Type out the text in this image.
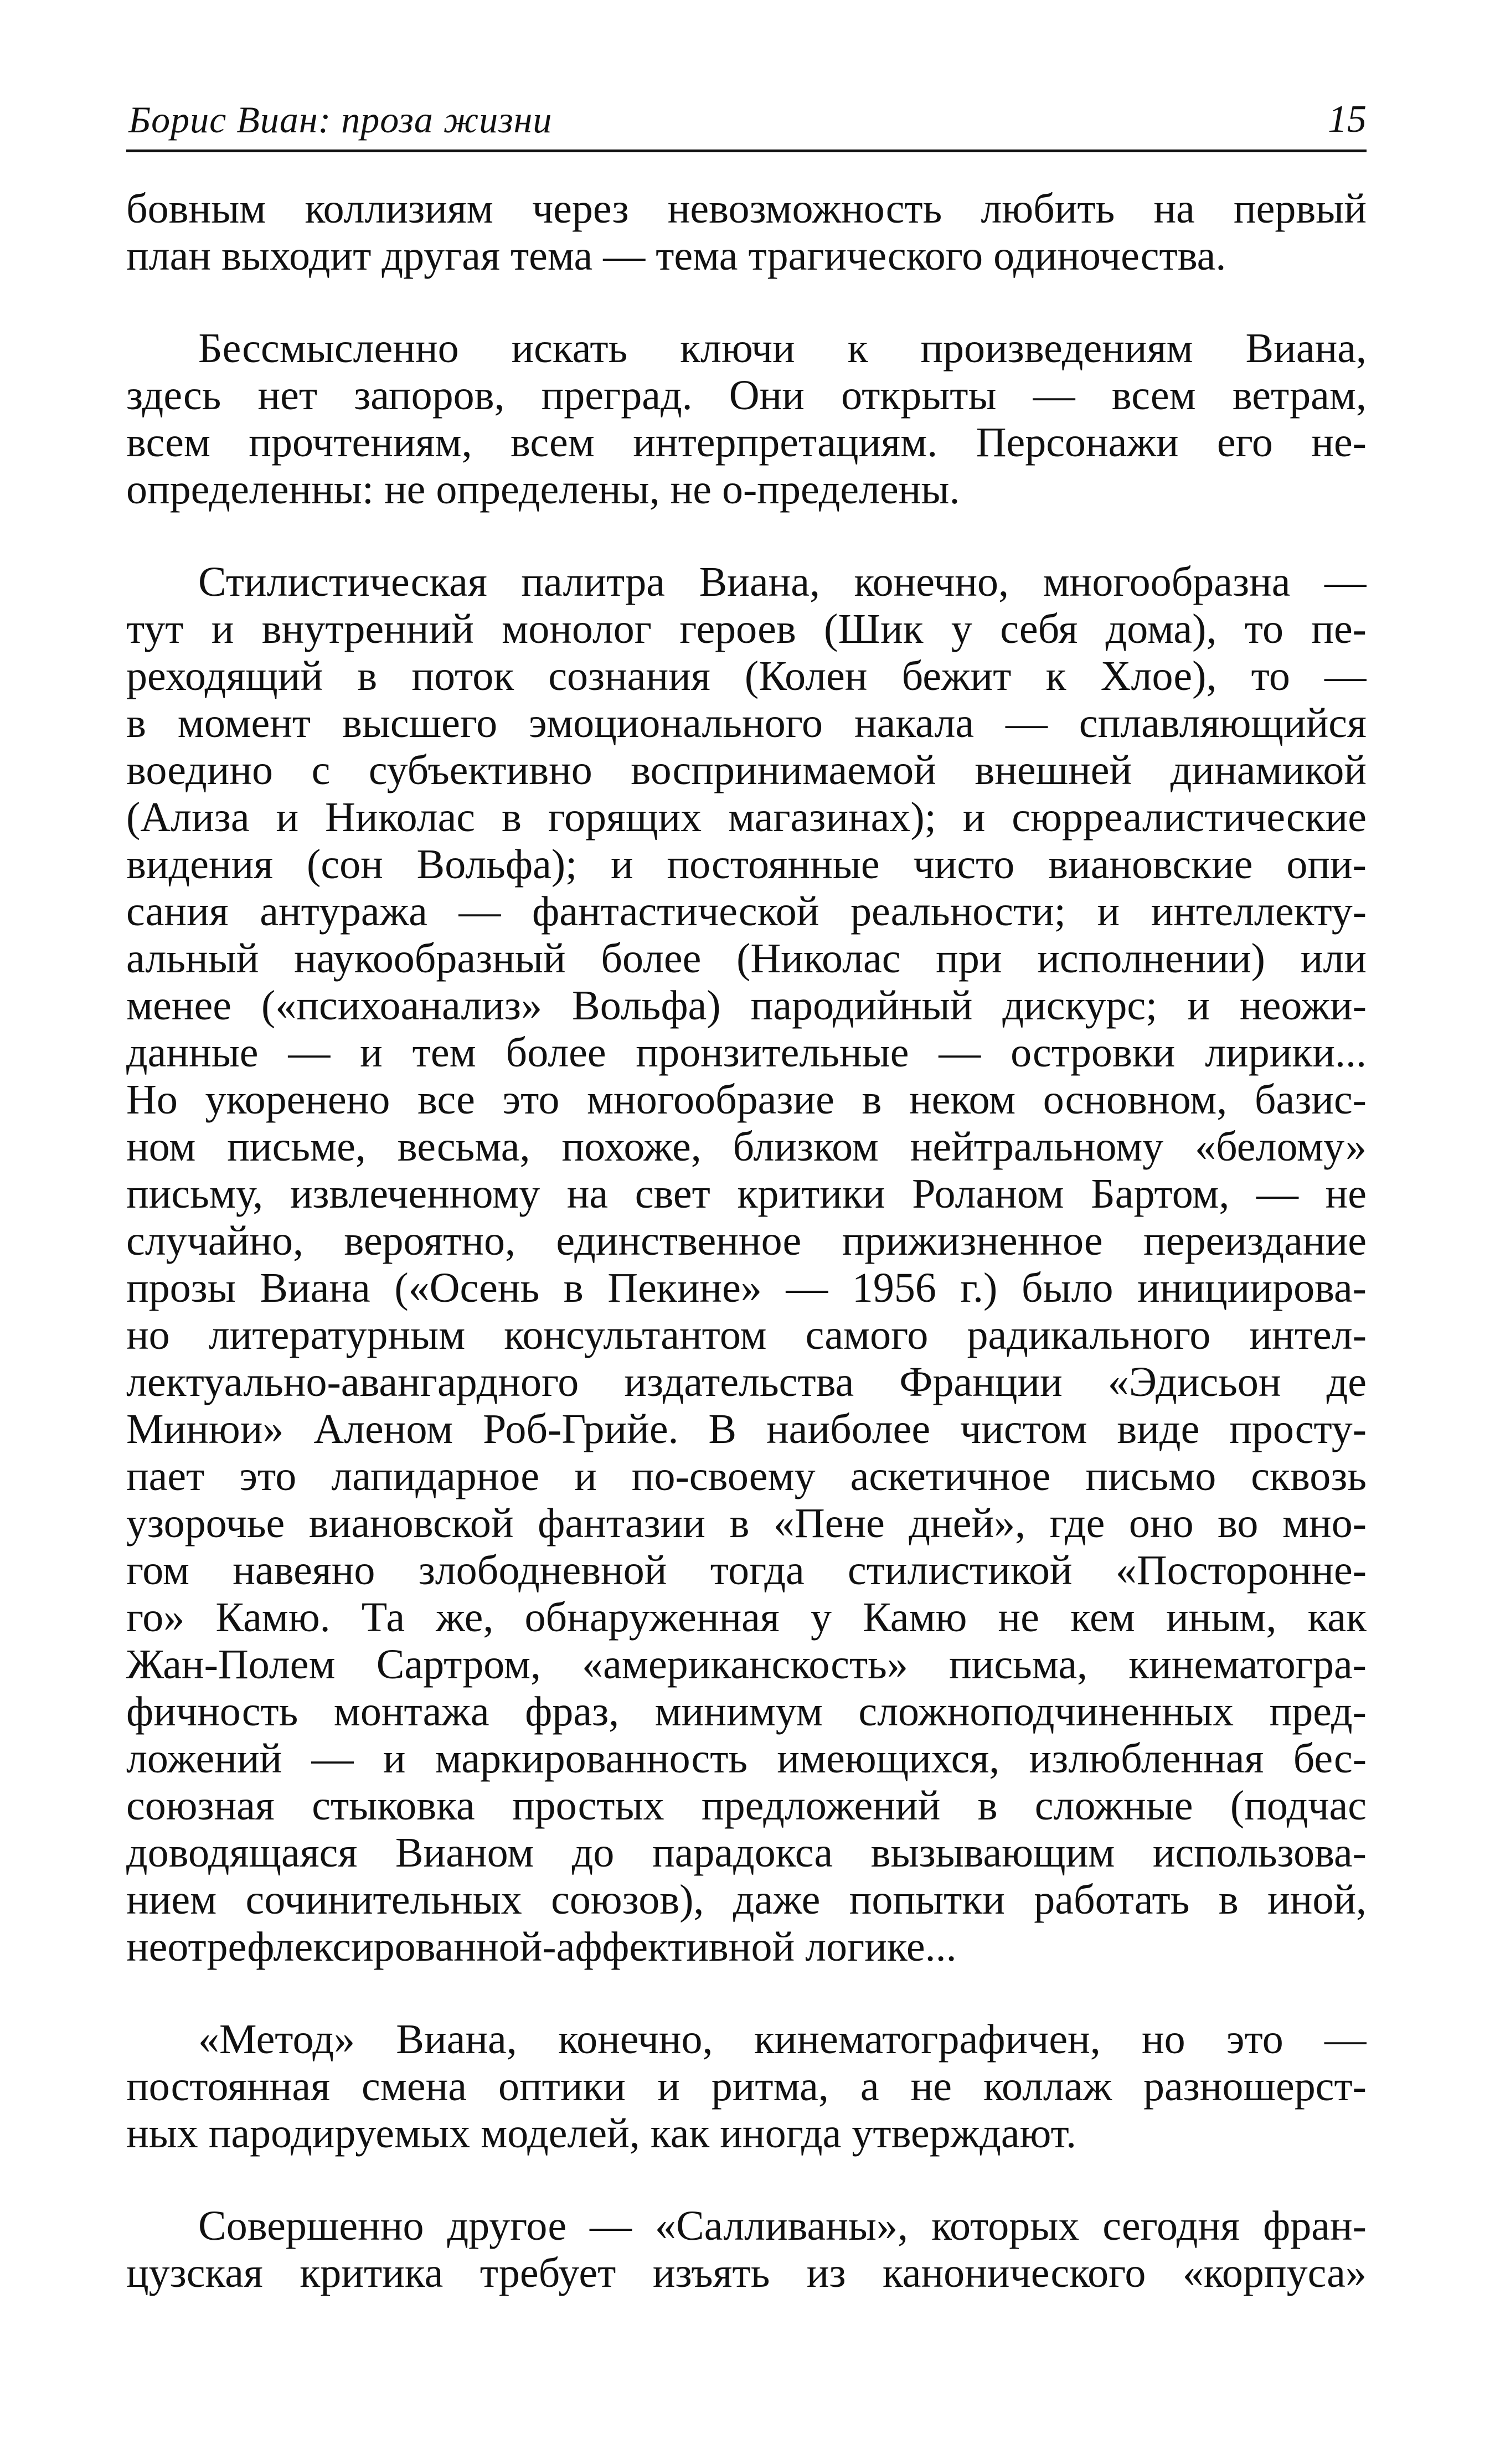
Борис Виан: проза жизни	15
бовным коллизиям через невозможность любить на первый
план выходит другая тема — тема трагического одиночества.
Бессмысленно искать ключи к произведениям Виана,
здесь нет запоров, преград. Они открыты — всем ветрам,
всем прочтениям, всем интерпретациям. Персонажи его не-
определенны: не определены, не о-пределены.
Стилистическая палитра Виана, конечно, многообразна —
тут и внутренний монолог героев (Шик у себя дома), то пе-
реходящий в поток сознания (Колен бежит к Хлое), то —
в момент высшего эмоционального накала — сплавляющийся
воедино с субъективно воспринимаемой внешней динамикой
(Ализа и Николас в горящих магазинах); и сюрреалистические
видения (сон Вольфа); и постоянные чисто виановские опи-
сания антуража — фантастической реальности; и интеллекту-
альный наукообразный более (Николас при исполнении) или
менее («психоанализ» Вольфа) пародийный дискурс; и неожи-
данные — и тем более пронзительные — островки лирики...
Но укоренено все это многообразие в неком основном, базис-
ном письме, весьма, похоже, близком нейтральному «белому»
письму, извлеченному на свет критики Роланом Бартом, — не
случайно, вероятно, единственное прижизненное переиздание
прозы Виана («Осень в Пекине» — 1956 г.) было инициирова-
но литературным консультантом самого радикального интел-
лектуально-авангардного издательства Франции «Эдисьон де
Минюи» Аленом Роб-Грийе. В наиболее чистом виде просту-
пает это лапидарное и по-своему аскетичное письмо сквозь
узорочье виановской фантазии в «Пене дней», где оно во мно-
гом навеяно злободневной тогда стилистикой «Посторонне-
го» Камю. Та же, обнаруженная у Камю не кем иным, как
Жан-Полем Сартром, «американскость» письма, кинематогра-
фичность монтажа фраз, минимум сложноподчиненных пред-
ложений — и маркированность имеющихся, излюбленная бес-
союзная стыковка простых предложений в сложные (подчас
доводящаяся Вианом до парадокса вызывающим использова-
нием сочинительных союзов), даже попытки работать в иной,
неотрефлексированной-аффективной логике...
«Метод» Виана, конечно, кинематографичен, но это —
постоянная смена оптики и ритма, а не коллаж разношерст-
ных пародируемых моделей, как иногда утверждают.
Совершенно другое — «Салливаны», которых сегодня фран-
цузская критика требует изъять из канонического «корпуса»
